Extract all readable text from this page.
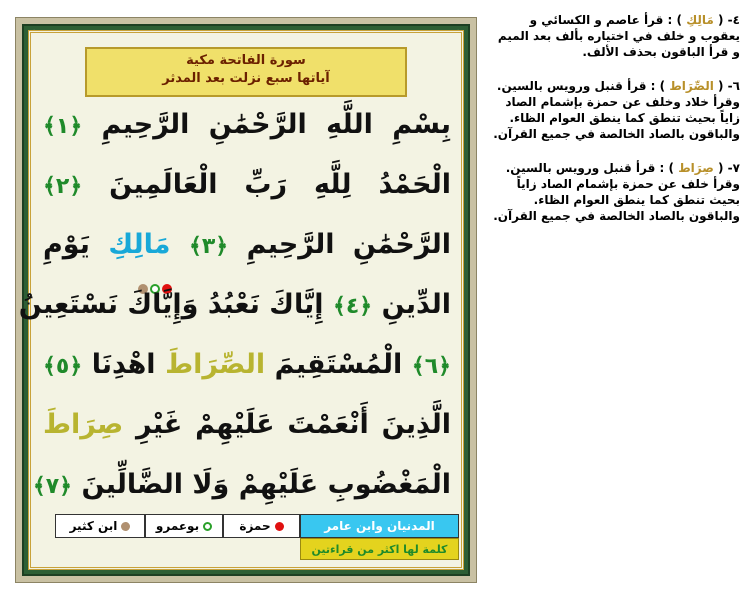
سورة الفاتحة مكية
آياتها سبع نزلت بعد المدثر
بِسْمِ اللَّهِ الرَّحْمَٰنِ الرَّحِيمِ ﴿١﴾
الْحَمْدُ لِلَّهِ رَبِّ الْعَالَمِينَ ﴿٢﴾
الرَّحْمَٰنِ الرَّحِيمِ ﴿٣﴾ مَالِكِ يَوْمِ
الدِّينِ ﴿٤﴾ إِيَّاكَ نَعْبُدُ وَإِيَّاكَ نَسْتَعِينُ
﴿٦﴾ الْمُسْتَقِيمَ الصِّرَاطَ اهْدِنَا ﴿٥﴾
الَّذِينَ أَنْعَمْتَ عَلَيْهِمْ غَيْرِ صِرَاطَ
الْمَغْضُوبِ عَلَيْهِمْ وَلَا الضَّالِّينَ ﴿٧﴾
المدنيان وابن عامر
حمزة
بوعمرو
ابن كثير
كلمة لها اكثر من قراءتين
٤- ( مَالِكِ ) : قرأ عاصم و الكسائي و يعقوب و خلف في اختياره بألف بعد الميم و قرأ الباقون بحذف الألف.
٦- ( الصِّرَاط ) : قرأ قنبل ورويس بالسين. وقرأ خلاد وخلف عن حمزة بإشمام الصاد زاياً بحيث تنطق كما ينطق العوام الظاء. والباقون بالصاد الخالصة في جميع القرآن.
٧- ( صِرَاط ) : قرأ قنبل ورويس بالسين. وقرأ خلف عن حمزة بإشمام الصاد زاياً بحيث تنطق كما ينطق العوام الظاء. والباقون بالصاد الخالصة في جميع القرآن.
